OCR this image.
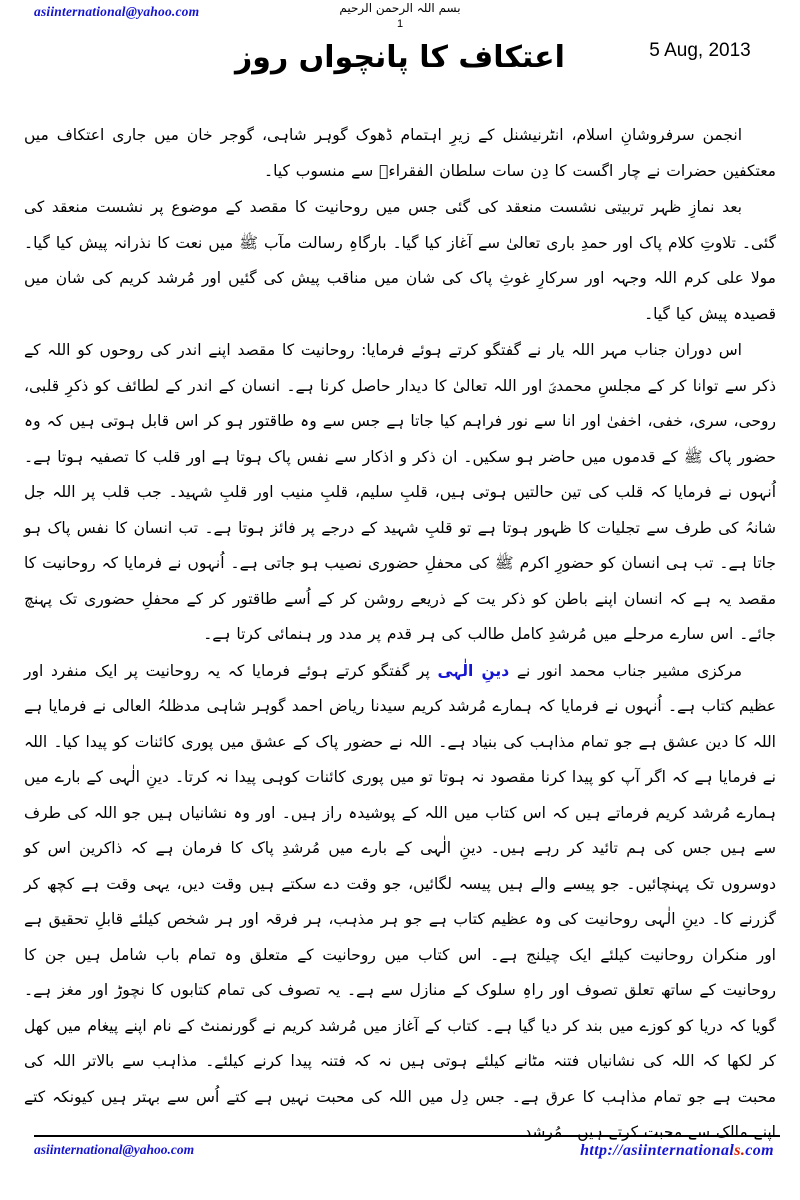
asiinternational@yahoo.com	بسم اللہ الرحمن الرحیم
1
5 Aug, 2013
اعتکاف کا پانچواں روز

انجمن سرفروشانِ اسلام، انٹرنیشنل کے زیرِ اہتمام ڈھوک گوہر شاہی، گوجر خان میں جاری اعتکاف میں معتکفین حضرات نے چار اگست کا دِن سات سلطان الفقراءؑ سے منسوب کیا۔

بعد نمازِ ظہر تربیتی نشست منعقد کی گئی جس میں روحانیت کا مقصد کے موضوع پر نشست منعقد کی گئی۔ تلاوتِ کلام پاک اور حمدِ باری تعالیٰ سے آغاز کیا گیا۔ بارگاہِ رسالت مآب ﷺ میں نعت کا نذرانہ پیش کیا گیا۔ مولا علی کرم اللہ وجہہ اور سرکارِ غوثِ پاک کی شان میں مناقب پیش کی گئیں اور مُرشد کریم کی شان میں قصیدہ پیش کیا گیا۔

اس دوران جناب مہر اللہ یار نے گفتگو کرتے ہوئے فرمایا: روحانیت کا مقصد اپنے اندر کی روحوں کو اللہ کے ذکر سے توانا کر کے مجلسِ محمدیؐ اور اللہ تعالیٰ کا دیدار حاصل کرنا ہے۔ انسان کے اندر کے لطائف کو ذکرِ قلبی، روحی، سری، خفی، اخفیٰ اور انا سے نور فراہم کیا جاتا ہے جس سے وہ طاقتور ہو کر اس قابل ہوتی ہیں کہ وہ حضور پاک ﷺ کے قدموں میں حاضر ہو سکیں۔ ان ذکر و اذکار سے نفس پاک ہوتا ہے اور قلب کا تصفیہ ہوتا ہے۔ اُنہوں نے فرمایا کہ قلب کی تین حالتیں ہوتی ہیں، قلبِ سلیم، قلبِ منیب اور قلبِ شہید۔ جب قلب پر اللہ جل شانہُ کی طرف سے تجلیات کا ظہور ہوتا ہے تو قلبِ شہید کے درجے پر فائز ہوتا ہے۔ تب انسان کا نفس پاک ہو جاتا ہے۔ تب ہی انسان کو حضورِ اکرم ﷺ کی محفلِ حضوری نصیب ہو جاتی ہے۔ اُنہوں نے فرمایا کہ روحانیت کا مقصد یہ ہے کہ انسان اپنے باطن کو ذکر یت کے ذریعے روشن کر کے اُسے طاقتور کر کے محفلِ حضوری تک پہنچ جائے۔ اس سارے مرحلے میں مُرشدِ کامل طالب کی ہر قدم پر مدد ور ہنمائی کرتا ہے۔

مرکزی مشیر جناب محمد انور نے دینِ الٰہی پر گفتگو کرتے ہوئے فرمایا کہ یہ روحانیت پر ایک منفرد اور عظیم کتاب ہے۔ اُنہوں نے فرمایا کہ ہمارے مُرشد کریم سیدنا ریاض احمد گوہر شاہی مدظلہُ العالی نے فرمایا ہے اللہ کا دین عشق ہے جو تمام مذاہب کی بنیاد ہے۔ اللہ نے حضور پاک کے عشق میں پوری کائنات کو پیدا کیا۔ اللہ نے فرمایا ہے کہ اگر آپ کو پیدا کرنا مقصود نہ ہوتا تو میں پوری کائنات کوہی پیدا نہ کرتا۔ دینِ الٰہی کے بارے میں ہمارے مُرشد کریم فرماتے ہیں کہ اس کتاب میں اللہ کے پوشیدہ راز ہیں۔ اور وہ نشانیاں ہیں جو اللہ کی طرف سے ہیں جس کی ہم تائید کر رہے ہیں۔ دینِ الٰہی کے بارے میں مُرشدِ پاک کا فرمان ہے کہ ذاکرین اس کو دوسروں تک پہنچائیں۔ جو پیسے والے ہیں پیسہ لگائیں، جو وقت دے سکتے ہیں وقت دیں، یہی وقت ہے کچھ کر گزرنے کا۔ دینِ الٰہی روحانیت کی وہ عظیم کتاب ہے جو ہر مذہب، ہر فرقہ اور ہر شخص کیلئے قابلِ تحقیق ہے اور منکران روحانیت کیلئے ایک چیلنج ہے۔ اس کتاب میں روحانیت کے متعلق وہ تمام باب شامل ہیں جن کا روحانیت کے ساتھ تعلق تصوف اور راہِ سلوک کے منازل سے ہے۔ یہ تصوف کی تمام کتابوں کا نچوڑ اور مغز ہے۔ گویا کہ دریا کو کوزے میں بند کر دیا گیا ہے۔ کتاب کے آغاز میں مُرشد کریم نے گورنمنٹ کے نام اپنے پیغام میں کھل کر لکھا کہ اللہ کی نشانیاں فتنہ مٹانے کیلئے ہوتی ہیں نہ کہ فتنہ پیدا کرنے کیلئے۔ مذاہب سے بالاتر اللہ کی محبت ہے جو تمام مذاہب کا عرق ہے۔ جس دِل میں اللہ کی محبت نہیں ہے کتے اُس سے بہتر ہیں کیونکہ کتے اپنے مالک سے محبت کرتے ہیں۔ مُرشد

asiinternational@yahoo.com	http://asiinternationals.com
